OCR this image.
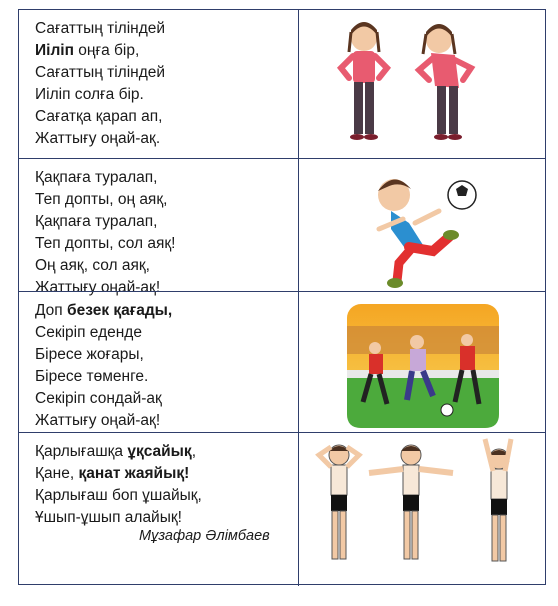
Сағаттың тіліндей
Иіліп оңға бір,
Сағаттың тіліндей
Иіліп солға бір.
Сағатқа қарап ап,
Жаттығу оңай-ақ.
Қақпаға туралап,
Теп допты, оң аяқ,
Қақпаға туралап,
Теп допты, сол аяқ!
Оң аяқ, сол аяқ,
Жаттығу оңай-ақ!
Доп безек қағады,
Секіріп еденде
Біресе жоғары,
Біресе төменге.
Секіріп сондай-ақ
Жаттығу оңай-ақ!
Қарлығашқа ұқсайық,
Қане, қанат жаяйық!
Қарлығаш боп ұшайық,
Ұшып-ұшып алайық!
Мұзафар Әлімбаев
